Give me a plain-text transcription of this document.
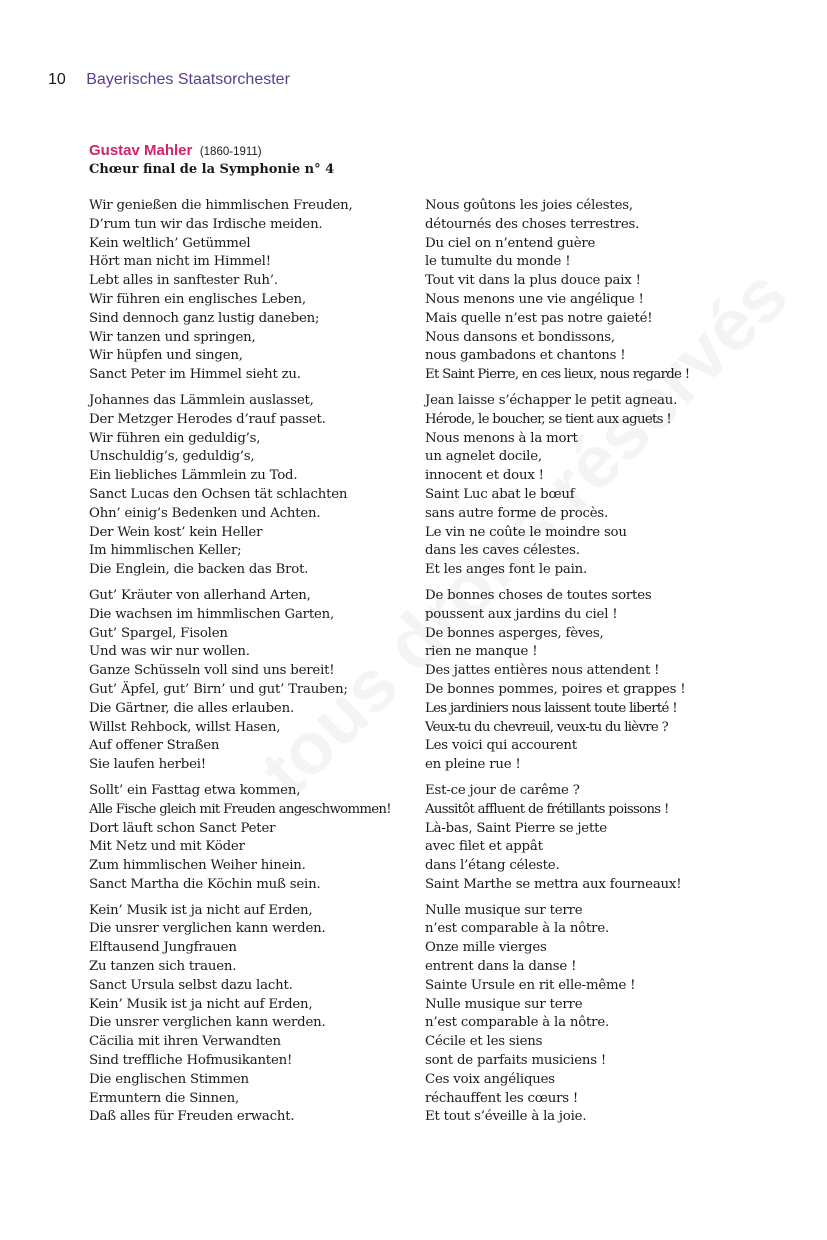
10 Bayerisches Staatsorchester
Gustav Mahler (1860-1911)
Chœur final de la Symphonie n° 4
Wir genießen die himmlischen Freuden,
D’rum tun wir das Irdische meiden.
Kein weltlich’ Getümmel
Hört man nicht im Himmel!
Lebt alles in sanftester Ruh’.
Wir führen ein englisches Leben,
Sind dennoch ganz lustig daneben;
Wir tanzen und springen,
Wir hüpfen und singen,
Sanct Peter im Himmel sieht zu.
Johannes das Lämmlein auslasset,
Der Metzger Herodes d’rauf passet.
Wir führen ein geduldig’s,
Unschuldig’s, geduldig’s,
Ein liebliches Lämmlein zu Tod.
Sanct Lucas den Ochsen tät schlachten
Ohn’ einig’s Bedenken und Achten.
Der Wein kost’ kein Heller
Im himmlischen Keller;
Die Englein, die backen das Brot.
Gut’ Kräuter von allerhand Arten,
Die wachsen im himmlischen Garten,
Gut’ Spargel, Fisolen
Und was wir nur wollen.
Ganze Schüsseln voll sind uns bereit!
Gut’ Äpfel, gut’ Birn’ und gut’ Trauben;
Die Gärtner, die alles erlauben.
Willst Rehbock, willst Hasen,
Auf offener Straßen
Sie laufen herbei!
Sollt’ ein Fasttag etwa kommen,
Alle Fische gleich mit Freuden angeschwommen!
Dort läuft schon Sanct Peter
Mit Netz und mit Köder
Zum himmlischen Weiher hinein.
Sanct Martha die Köchin muß sein.
Kein’ Musik ist ja nicht auf Erden,
Die unsrer verglichen kann werden.
Elftausend Jungfrauen
Zu tanzen sich trauen.
Sanct Ursula selbst dazu lacht.
Kein’ Musik ist ja nicht auf Erden,
Die unsrer verglichen kann werden.
Cäcilia mit ihren Verwandten
Sind treffliche Hofmusikanten!
Die englischen Stimmen
Ermuntern die Sinnen,
Daß alles für Freuden erwacht.
Nous goûtons les joies célestes,
détournés des choses terrestres.
Du ciel on n’entend guère
le tumulte du monde !
Tout vit dans la plus douce paix !
Nous menons une vie angélique !
Mais quelle n’est pas notre gaieté!
Nous dansons et bondissons,
nous gambadons et chantons !
Et Saint Pierre, en ces lieux, nous regarde !
Jean laisse s’échapper le petit agneau.
Hérode, le boucher, se tient aux aguets !
Nous menons à la mort
un agnelet docile,
innocent et doux !
Saint Luc abat le bœuf
sans autre forme de procès.
Le vin ne coûte le moindre sou
dans les caves célestes.
Et les anges font le pain.
De bonnes choses de toutes sortes
poussent aux jardins du ciel !
De bonnes asperges, fèves,
rien ne manque !
Des jattes entières nous attendent !
De bonnes pommes, poires et grappes !
Les jardiniers nous laissent toute liberté !
Veux-tu du chevreuil, veux-tu du lièvre ?
Les voici qui accourent
en pleine rue !
Est-ce jour de carême ?
Aussitôt affluent de frétillants poissons !
Là-bas, Saint Pierre se jette
avec filet et appât
dans l’étang céleste.
Saint Marthe se mettra aux fourneaux!
Nulle musique sur terre
n’est comparable à la nôtre.
Onze mille vierges
entrent dans la danse !
Sainte Ursule en rit elle-même !
Nulle musique sur terre
n’est comparable à la nôtre.
Cécile et les siens
sont de parfaits musiciens !
Ces voix angéliques
réchauffent les cœurs !
Et tout s’éveille à la joie.
